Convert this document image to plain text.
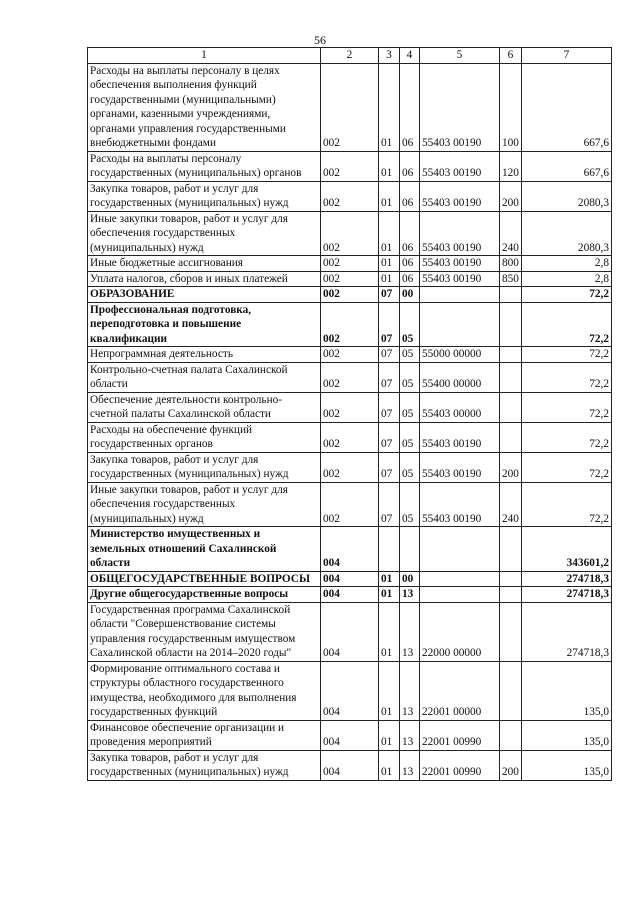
56
1	2	3	4	5	6	7
Расходы на выплаты персоналу в целях обеспечения выполнения функций государственными (муниципальными) органами, казенными учреждениями, органами управления государственными внебюджетными фондами	002	01	06	55403 00190	100	667,6
Расходы на выплаты персоналу государственных (муниципальных) органов	002	01	06	55403 00190	120	667,6
Закупка товаров, работ и услуг для государственных (муниципальных) нужд	002	01	06	55403 00190	200	2080,3
Иные закупки товаров, работ и услуг для обеспечения государственных (муниципальных) нужд	002	01	06	55403 00190	240	2080,3
Иные бюджетные ассигнования	002	01	06	55403 00190	800	2,8
Уплата налогов, сборов и иных платежей	002	01	06	55403 00190	850	2,8
ОБРАЗОВАНИЕ	002	07	00			72,2
Профессиональная подготовка, переподготовка и повышение квалификации	002	07	05			72,2
Непрограммная деятельность	002	07	05	55000 00000		72,2
Контрольно-счетная палата Сахалинской области	002	07	05	55400 00000		72,2
Обеспечение деятельности контрольно-счетной палаты Сахалинской области	002	07	05	55403 00000		72,2
Расходы на обеспечение функций государственных органов	002	07	05	55403 00190		72,2
Закупка товаров, работ и услуг для государственных (муниципальных) нужд	002	07	05	55403 00190	200	72,2
Иные закупки товаров, работ и услуг для обеспечения государственных (муниципальных) нужд	002	07	05	55403 00190	240	72,2
Министерство имущественных и земельных отношений Сахалинской области	004					343601,2
ОБЩЕГОСУДАРСТВЕННЫЕ ВОПРОСЫ	004	01	00			274718,3
Другие общегосударственные вопросы	004	01	13			274718,3
Государственная программа Сахалинской области "Совершенствование системы управления государственным имуществом Сахалинской области на 2014–2020 годы"	004	01	13	22000 00000		274718,3
Формирование оптимального состава и структуры областного государственного имущества, необходимого для выполнения государственных функций	004	01	13	22001 00000		135,0
Финансовое обеспечение организации и проведения мероприятий	004	01	13	22001 00990		135,0
Закупка товаров, работ и услуг для государственных (муниципальных) нужд	004	01	13	22001 00990	200	135,0
